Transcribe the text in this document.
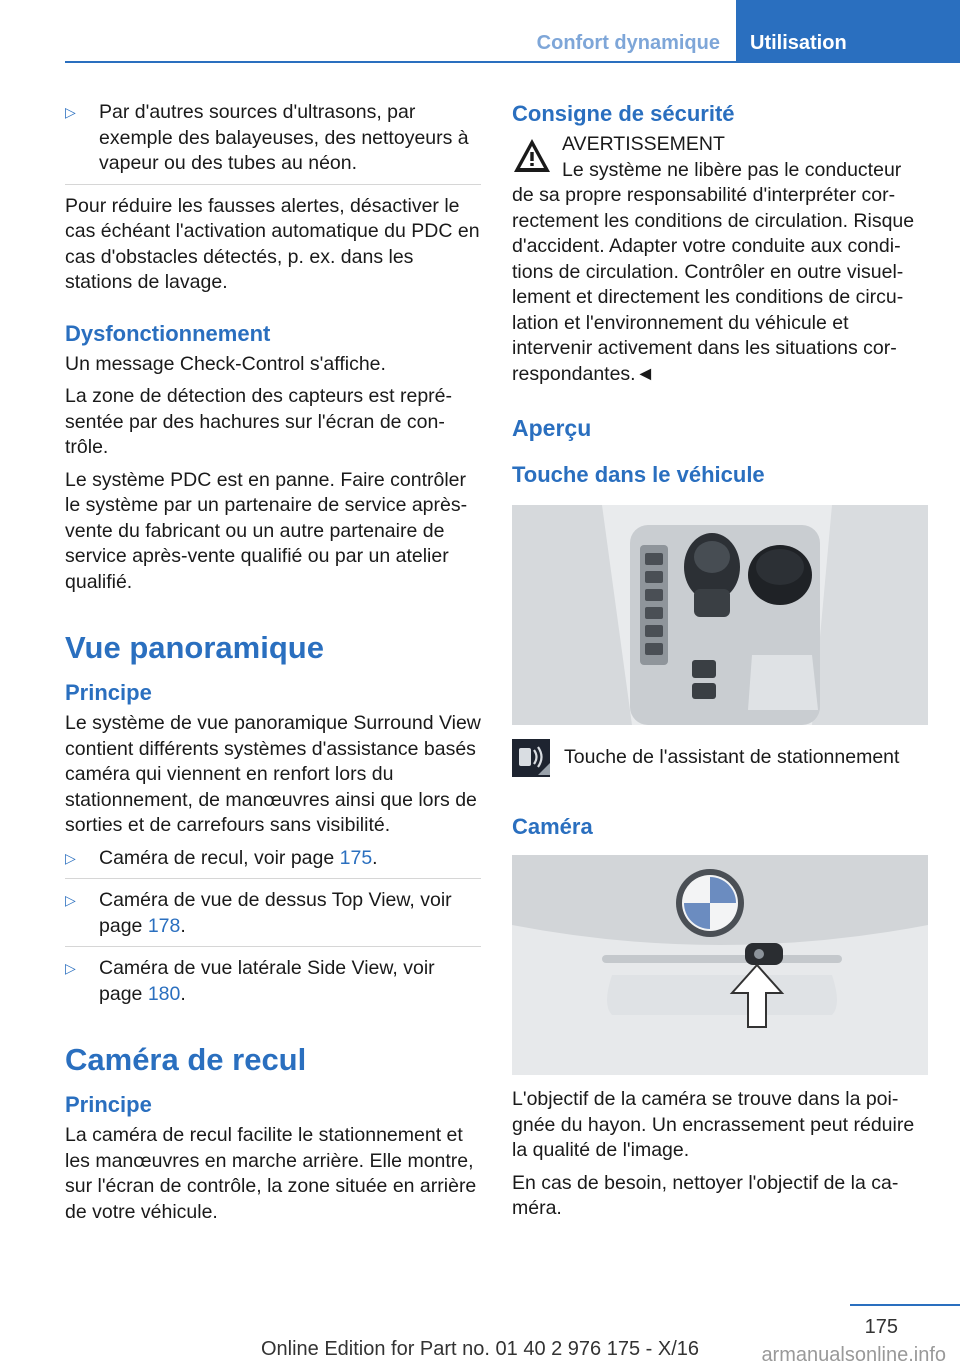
Confort dynamique	Utilisation
▷ Par d'autres sources d'ultrasons, par exemple des balayeuses, des nettoyeurs à vapeur ou des tubes au néon.

Pour réduire les fausses alertes, désactiver le cas échéant l'activation automatique du PDC en cas d'obstacles détectés, p. ex. dans les stations de lavage.

Dysfonctionnement

Un message Check-Control s'affiche.

La zone de détection des capteurs est représentée par des hachures sur l'écran de contrôle.

Le système PDC est en panne. Faire contrôler le système par un partenaire de service après-vente du fabricant ou un autre partenaire de service après-vente qualifié ou par un atelier qualifié.

Vue panoramique
Principe

Le système de vue panoramique Surround View contient différents systèmes d'assistance basés caméra qui viennent en renfort lors du stationnement, de manœuvres ainsi que lors de sorties et de carrefours sans visibilité.

▷ Caméra de recul, voir page 175.
▷ Caméra de vue de dessus Top View, voir page 178.
▷ Caméra de vue latérale Side View, voir page 180.
Caméra de recul
Principe

La caméra de recul facilite le stationnement et les manœuvres en marche arrière. Elle montre, sur l'écran de contrôle, la zone située en arrière de votre véhicule.

Consigne de sécurité

AVERTISSEMENT

Le système ne libère pas le conducteur de sa propre responsabilité d'interpréter correctement les conditions de circulation. Risque d'accident. Adapter votre conduite aux conditions de circulation. Contrôler en outre visuellement et directement les conditions de circulation et l'environnement du véhicule et intervenir activement dans les situations correspondantes.◄

Aperçu
Touche dans le véhicule
Touche de l'assistant de stationnement
Caméra

L'objectif de la caméra se trouve dans la poignée du hayon. Un encrassement peut réduire la qualité de l'image.

En cas de besoin, nettoyer l'objectif de la caméra.

175
Online Edition for Part no. 01 40 2 976 175 - X/16	armanualsonline.info
